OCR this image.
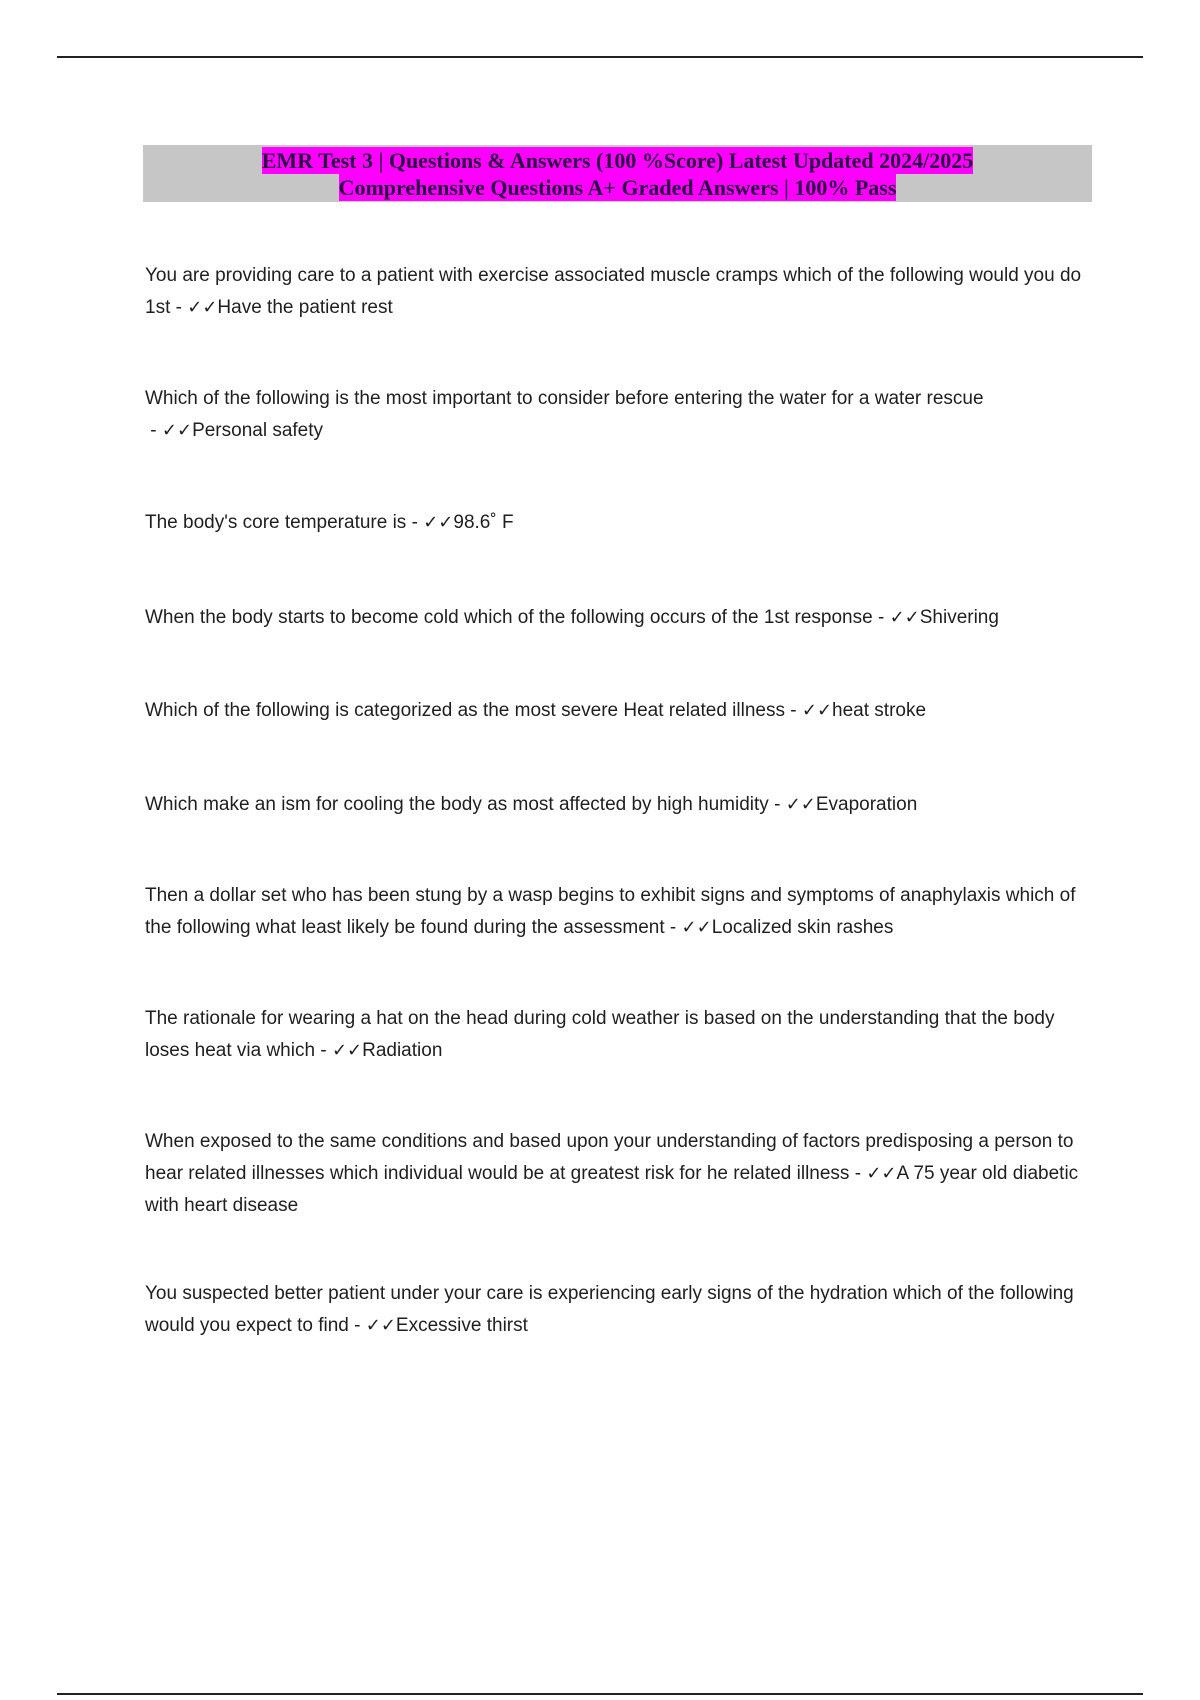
EMR Test 3 | Questions & Answers (100 %Score) Latest Updated 2024/2025
Comprehensive Questions A+ Graded Answers | 100% Pass
You are providing care to a patient with exercise associated muscle cramps which of the following would you do 1st - ✓✓Have the patient rest
Which of the following is the most important to consider before entering the water for a water rescue - ✓✓Personal safety
The body's core temperature is - ✓✓98.6˚ F
When the body starts to become cold which of the following occurs of the 1st response - ✓✓Shivering
Which of the following is categorized as the most severe Heat related illness - ✓✓heat stroke
Which make an ism for cooling the body as most affected by high humidity - ✓✓Evaporation
Then a dollar set who has been stung by a wasp begins to exhibit signs and symptoms of anaphylaxis which of the following what least likely be found during the assessment - ✓✓Localized skin rashes
The rationale for wearing a hat on the head during cold weather is based on the understanding that the body loses heat via which - ✓✓Radiation
When exposed to the same conditions and based upon your understanding of factors predisposing a person to hear related illnesses which individual would be at greatest risk for he related illness - ✓✓A 75 year old diabetic with heart disease
You suspected better patient under your care is experiencing early signs of the hydration which of the following would you expect to find - ✓✓Excessive thirst
